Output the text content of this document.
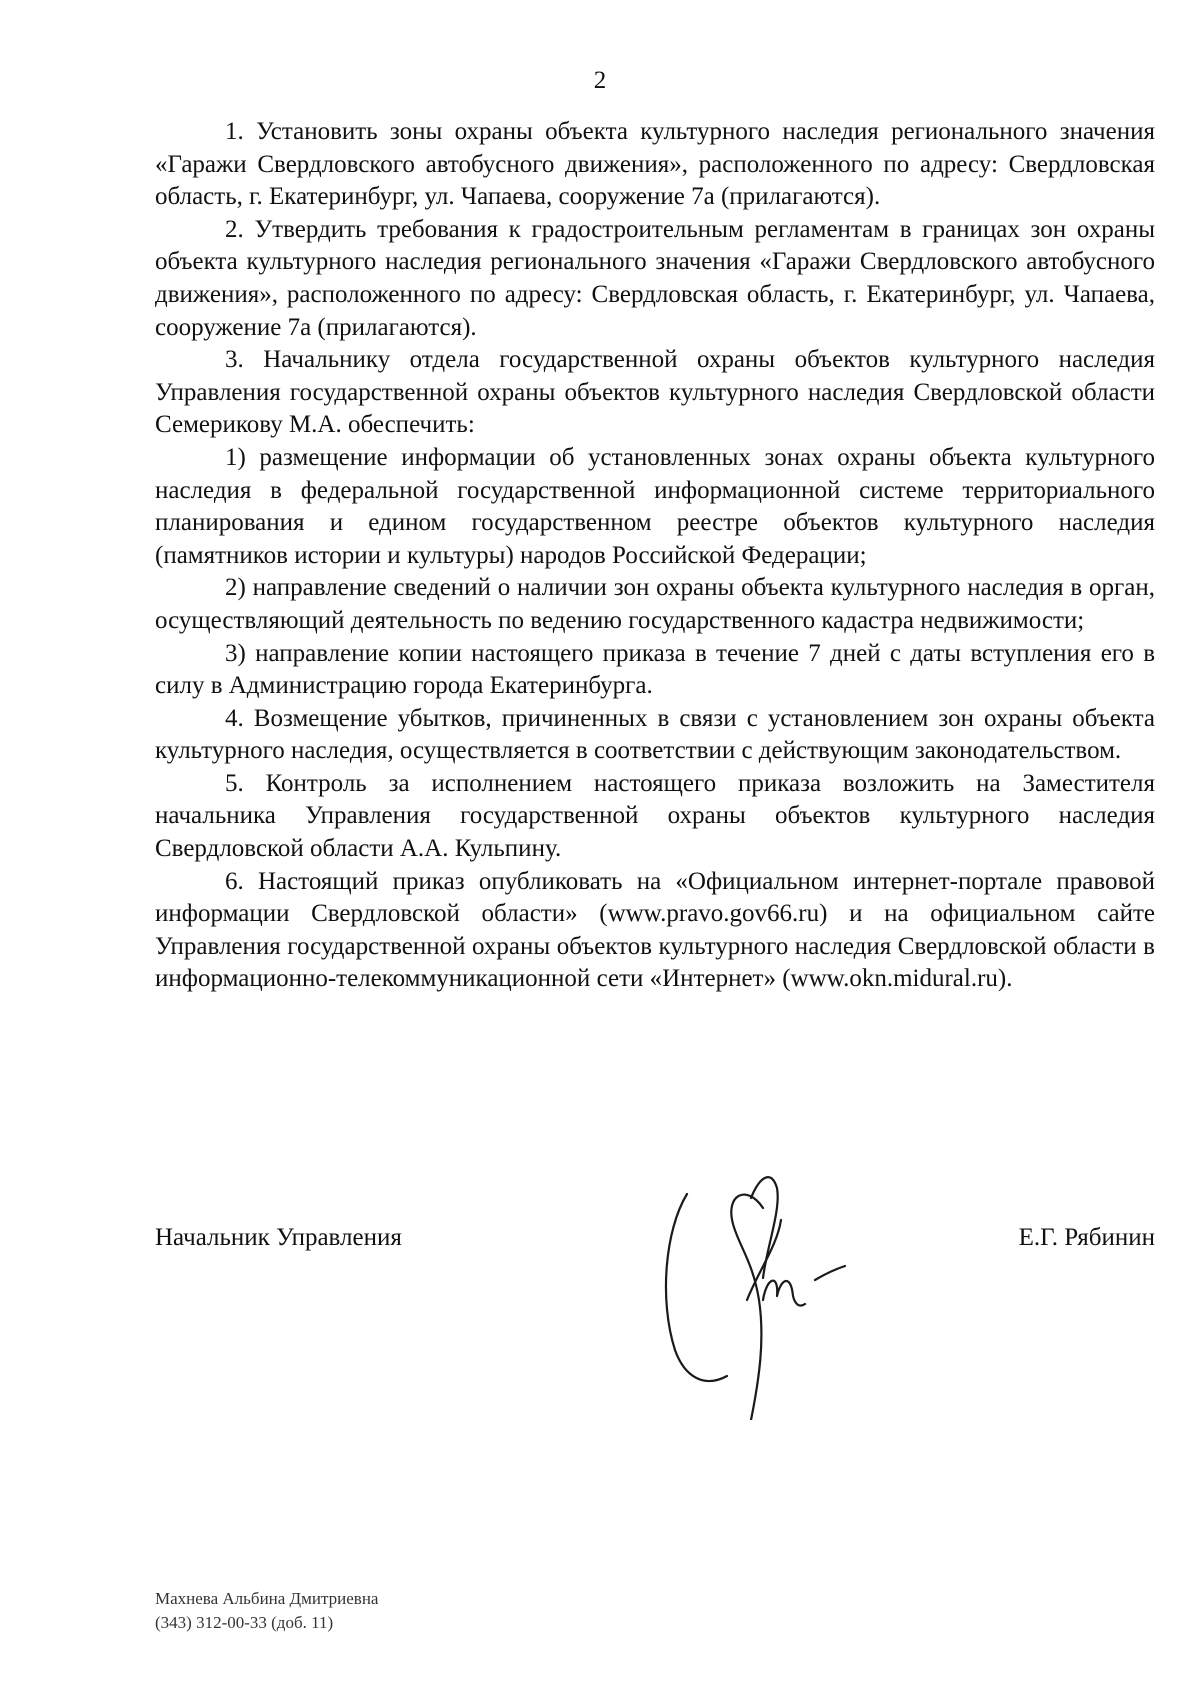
2

1. Установить зоны охраны объекта культурного наследия регионального значения «Гаражи Свердловского автобусного движения», расположенного по адресу: Свердловская область, г. Екатеринбург, ул. Чапаева, сооружение 7а (прилагаются).

2. Утвердить требования к градостроительным регламентам в границах зон охраны объекта культурного наследия регионального значения «Гаражи Свердловского автобусного движения», расположенного по адресу: Свердловская область, г. Екатеринбург, ул. Чапаева, сооружение 7а (прилагаются).

3. Начальнику отдела государственной охраны объектов культурного наследия Управления государственной охраны объектов культурного наследия Свердловской области Семерикову М.А. обеспечить:

1) размещение информации об установленных зонах охраны объекта культурного наследия в федеральной государственной информационной системе территориального планирования и едином государственном реестре объектов культурного наследия (памятников истории и культуры) народов Российской Федерации;

2) направление сведений о наличии зон охраны объекта культурного наследия в орган, осуществляющий деятельность по ведению государственного кадастра недвижимости;

3) направление копии настоящего приказа в течение 7 дней с даты вступления его в силу в Администрацию города Екатеринбурга.

4. Возмещение убытков, причиненных в связи с установлением зон охраны объекта культурного наследия, осуществляется в соответствии с действующим законодательством.

5. Контроль за исполнением настоящего приказа возложить на Заместителя начальника Управления государственной охраны объектов культурного наследия Свердловской области А.А. Кульпину.

6. Настоящий приказ опубликовать на «Официальном интернет-портале правовой информации Свердловской области» (www.pravo.gov66.ru) и на официальном сайте Управления государственной охраны объектов культурного наследия Свердловской области в информационно-телекоммуникационной сети «Интернет» (www.okn.midural.ru).

Начальник Управления	Е.Г. Рябинин
Махнева Альбина Дмитриевна
(343) 312-00-33 (доб. 11)
